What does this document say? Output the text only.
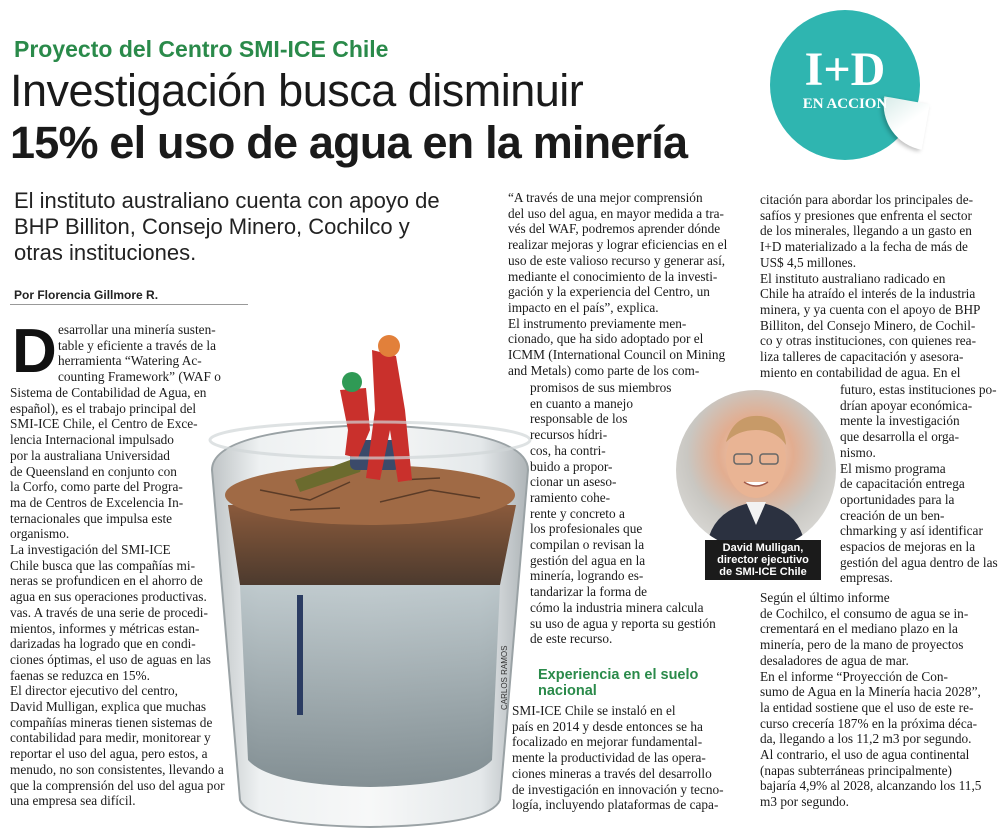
Proyecto del Centro SMI-ICE Chile
Investigación busca disminuir
15% el uso de agua en la minería
I+D
EN ACCION
El instituto australiano cuenta con apoyo de
BHP Billiton, Consejo Minero, Cochilco y
otras instituciones.
Por Florencia Gillmore R.
D esarrollar una minería susten-
table y eficiente a través de la
herramienta “Watering Ac-
counting Framework” (WAF o
Sistema de Contabilidad de Agua, en
español), es el trabajo principal del
SMI-ICE Chile, el Centro de Exce-
lencia Internacional impulsado
por la australiana Universidad
de Queensland en conjunto con
la Corfo, como parte del Progra-
ma de Centros de Excelencia In-
ternacionales que impulsa este
organismo.
La investigación del SMI-ICE
Chile busca que las compañías mi-
neras se profundicen en el ahorro de
agua en sus operaciones productivas.
vas. A través de una serie de procedi-
mientos, informes y métricas estan-
darizadas ha logrado que en condi-
ciones óptimas, el uso de aguas en las
faenas se reduzca en 15%.
El director ejecutivo del centro,
David Mulligan, explica que muchas
compañías mineras tienen sistemas de
contabilidad para medir, monitorear y
reportar el uso del agua, pero estos, a
menudo, no son consistentes, llevando a
que la comprensión del uso del agua por
una empresa sea difícil.
“A través de una mejor comprensión
del uso del agua, en mayor medida a tra-
vés del WAF, podremos aprender dónde
realizar mejoras y lograr eficiencias en el
uso de este valioso recurso y generar así,
mediante el conocimiento de la investi-
gación y la experiencia del Centro, un
impacto en el país”, explica.
El instrumento previamente men-
cionado, que ha sido adoptado por el
ICMM (International Council on Mining
and Metals) como parte de los com-
promisos de sus miembros
en cuanto a manejo
responsable de los
recursos hídri-
cos, ha contri-
buido a propor-
cionar un aseso-
ramiento cohe-
rente y concreto a
los profesionales que
compilan o revisan la
gestión del agua en la
minería, logrando es-
tandarizar la forma de
cómo la industria minera calcula
su uso de agua y reporta su gestión
de este recurso.
Experiencia en el suelo
nacional
SMI-ICE Chile se instaló en el
país en 2014 y desde entonces se ha
focalizado en mejorar fundamental-
mente la productividad de las opera-
ciones mineras a través del desarrollo
de investigación en innovación y tecno-
logía, incluyendo plataformas de capa-
citación para abordar los principales de-
safíos y presiones que enfrenta el sector
de los minerales, llegando a un gasto en
I+D materializado a la fecha de más de
US$ 4,5 millones.
El instituto australiano radicado en
Chile ha atraído el interés de la industria
minera, y ya cuenta con el apoyo de BHP
Billiton, del Consejo Minero, de Cochil-
co y otras instituciones, con quienes rea-
liza talleres de capacitación y asesora-
miento en contabilidad de agua. En el
futuro, estas instituciones po-
drían apoyar económica-
mente la investigación
que desarrolla el orga-
nismo.
El mismo programa
de capacitación entrega
oportunidades para la
creación de un ben-
chmarking y así identificar
espacios de mejoras en la
gestión del agua dentro de las
empresas.
Según el último informe
de Cochilco, el consumo de agua se in-
crementará en el mediano plazo en la
minería, pero de la mano de proyectos
desaladores de agua de mar.
En el informe “Proyección de Con-
sumo de Agua en la Minería hacia 2028”,
la entidad sostiene que el uso de este re-
curso crecería 187% en la próxima déca-
da, llegando a los 11,2 m3 por segundo.
Al contrario, el uso de agua continental
(napas subterráneas principalmente)
bajaría 4,9% al 2028, alcanzando los 11,5
m3 por segundo.
David Mulligan,
director ejecutivo
de SMI-ICE Chile
CARLOS RAMOS
